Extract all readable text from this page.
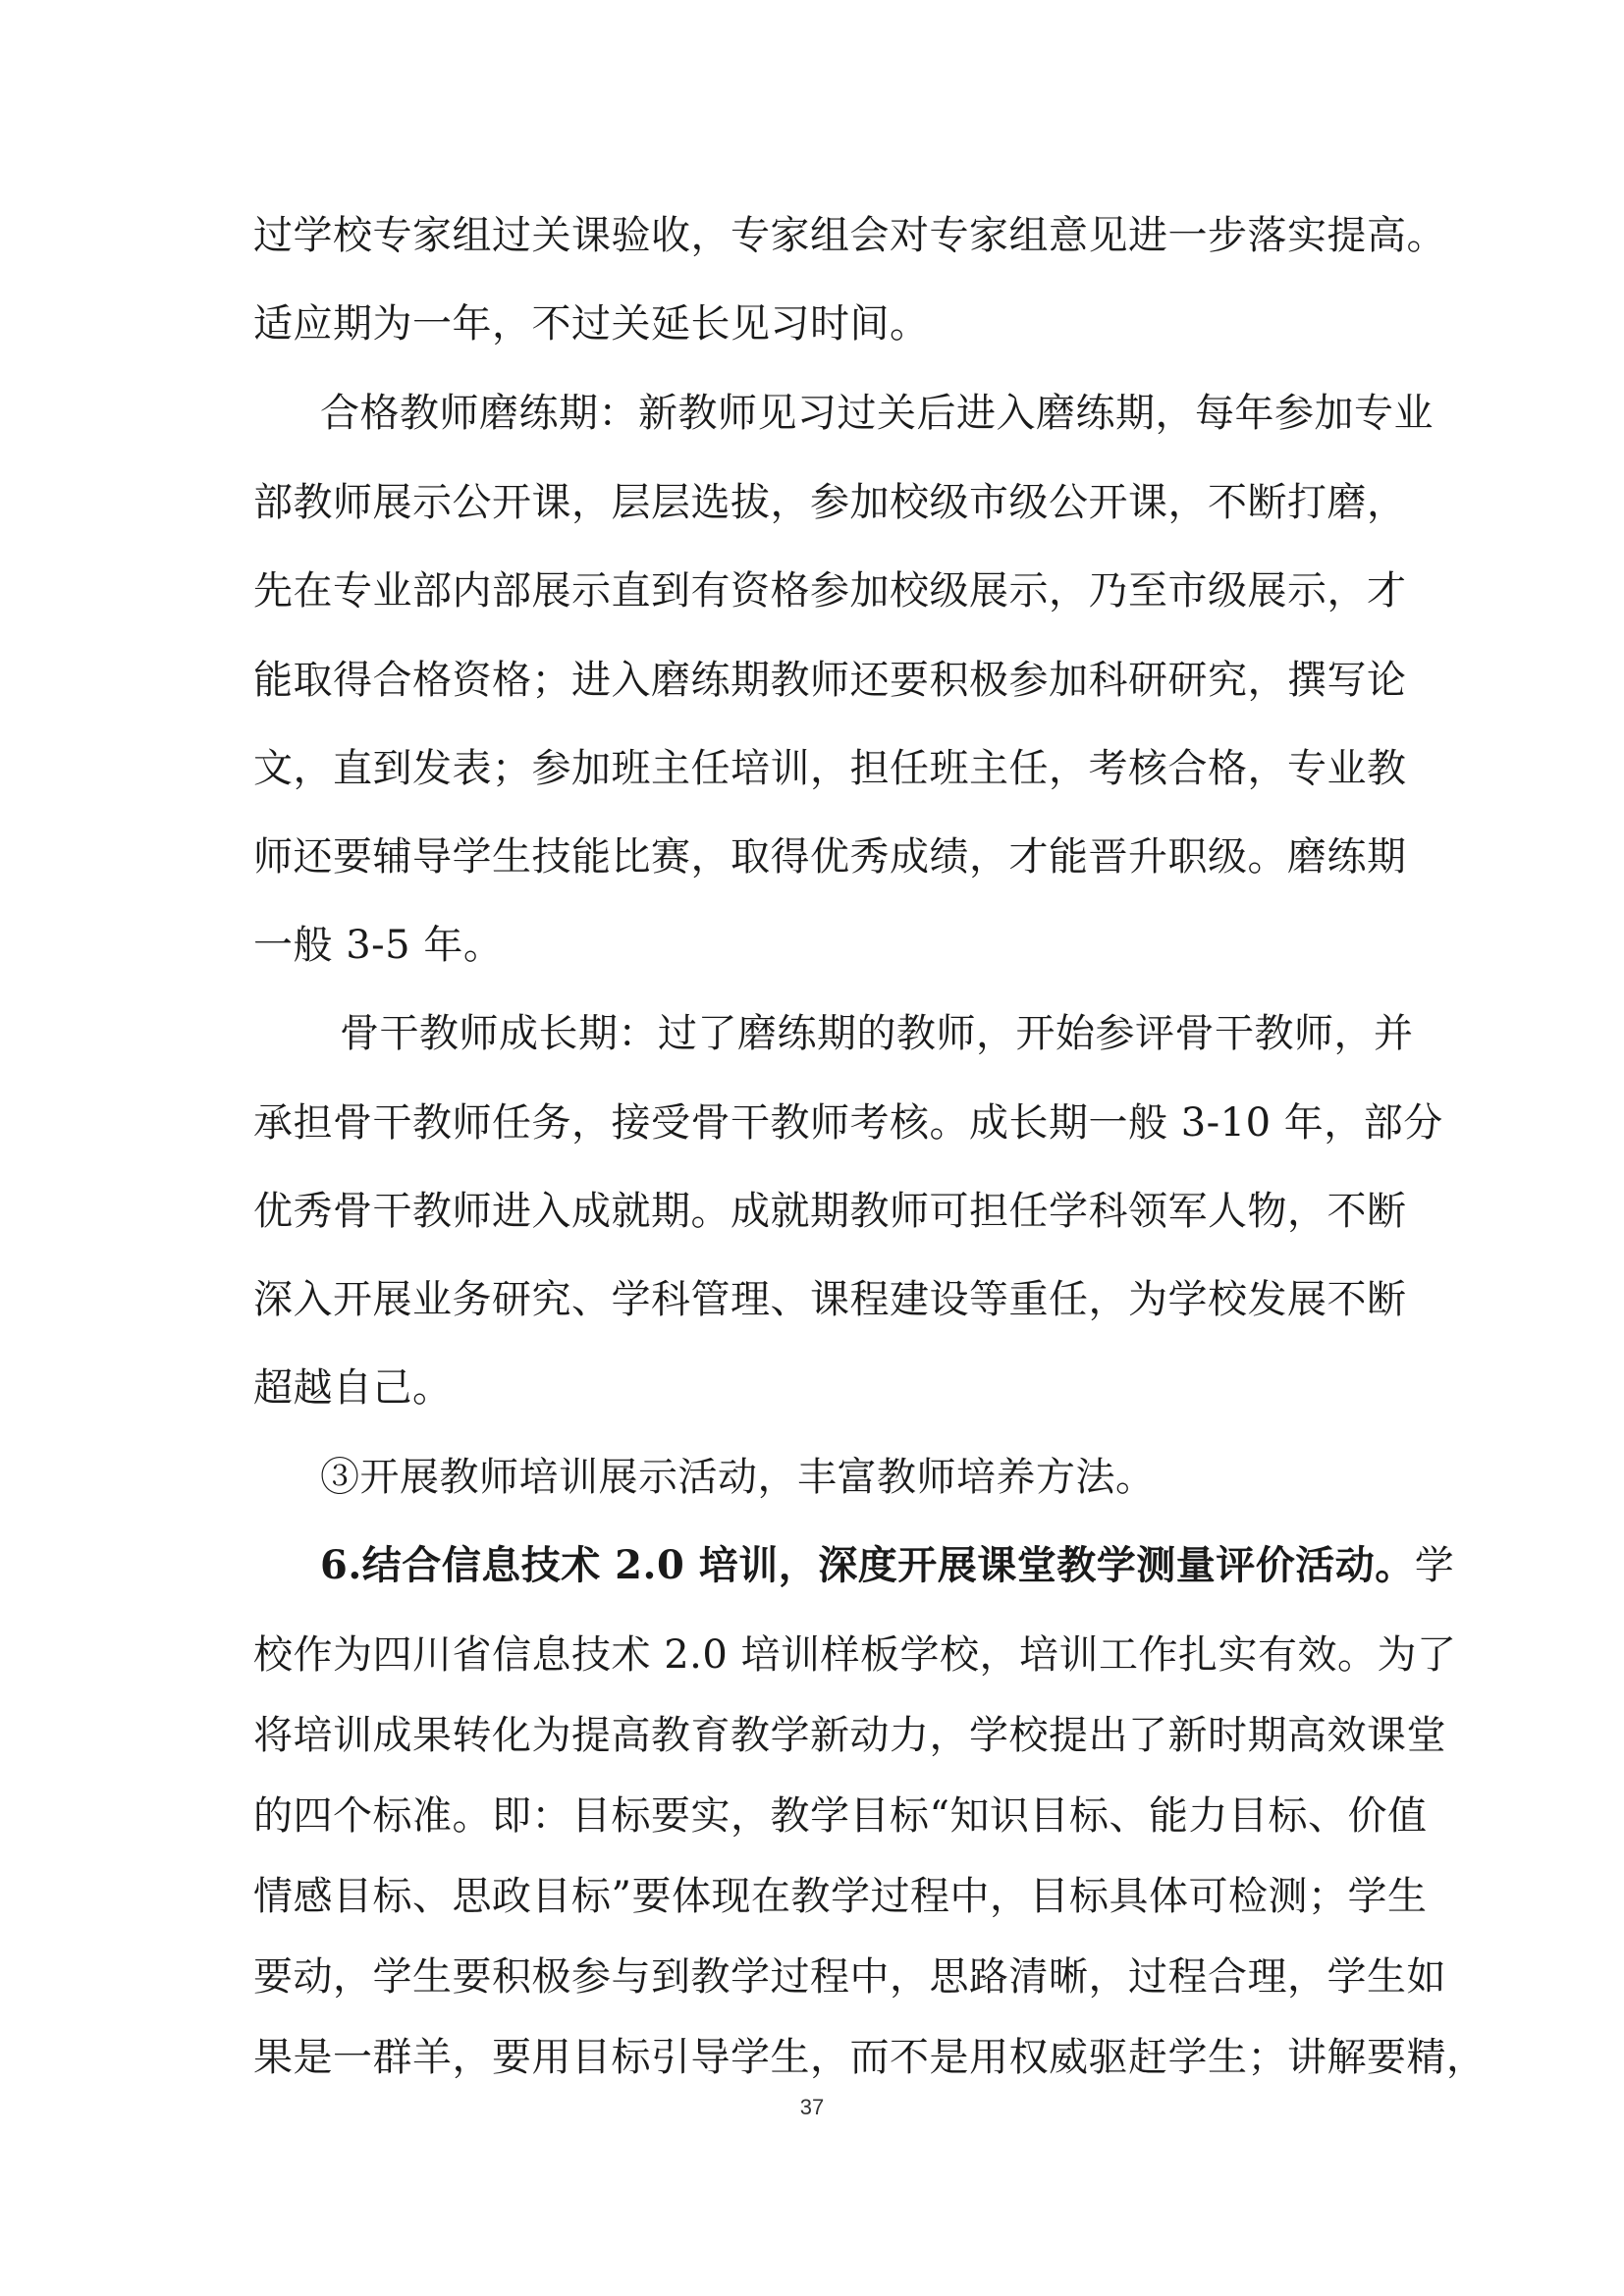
过学校专家组过关课验收，专家组会对专家组意见进一步落实提高。
适应期为一年，不过关延长见习时间。
合格教师磨练期：新教师见习过关后进入磨练期，每年参加专业
部教师展示公开课，层层选拔，参加校级市级公开课，不断打磨，
先在专业部内部展示直到有资格参加校级展示，乃至市级展示，才
能取得合格资格；进入磨练期教师还要积极参加科研研究，撰写论
文，直到发表；参加班主任培训，担任班主任，考核合格，专业教
师还要辅导学生技能比赛，取得优秀成绩，才能晋升职级。磨练期
一般 3-5 年。
骨干教师成长期：过了磨练期的教师，开始参评骨干教师，并
承担骨干教师任务，接受骨干教师考核。成长期一般 3-10 年，部分
优秀骨干教师进入成就期。成就期教师可担任学科领军人物，不断
深入开展业务研究、学科管理、课程建设等重任，为学校发展不断
超越自己。
③开展教师培训展示活动，丰富教师培养方法。
6.结合信息技术 2.0 培训，深度开展课堂教学测量评价活动。学
校作为四川省信息技术 2.0 培训样板学校，培训工作扎实有效。为了
将培训成果转化为提高教育教学新动力，学校提出了新时期高效课堂
的四个标准。即：目标要实，教学目标“知识目标、能力目标、价值
情感目标、思政目标”要体现在教学过程中，目标具体可检测；学生
要动，学生要积极参与到教学过程中，思路清晰，过程合理，学生如
果是一群羊，要用目标引导学生，而不是用权威驱赶学生；讲解要精，
37
